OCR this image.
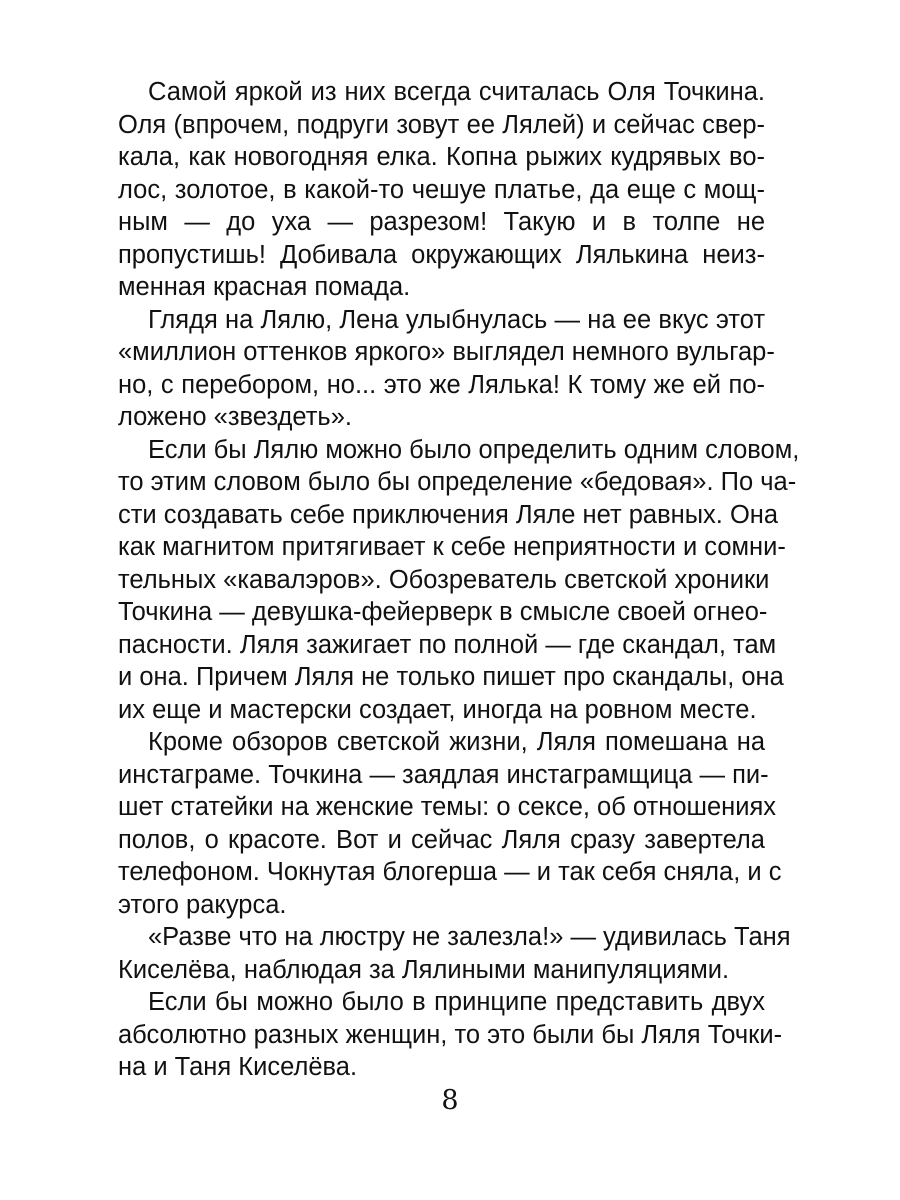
Самой яркой из них всегда считалась Оля Точкина.
Оля (впрочем, подруги зовут ее Лялей) и сейчас свер-
кала, как новогодняя елка. Копна рыжих кудрявых во-
лос, золотое, в какой-то чешуе платье, да еще с мощ-
ным — до уха — разрезом! Такую и в толпе не
пропустишь! Добивала окружающих Лялькина неиз-
менная красная помада.
Глядя на Лялю, Лена улыбнулась — на ее вкус этот
«миллион оттенков яркого» выглядел немного вульгар-
но, с перебором, но... это же Лялька! К тому же ей по-
ложено «звездеть».
Если бы Лялю можно было определить одним словом,
то этим словом было бы определение «бедовая». По ча-
сти создавать себе приключения Ляле нет равных. Она
как магнитом притягивает к себе неприятности и сомни-
тельных «кавалэров». Обозреватель светской хроники
Точкина — девушка-фейерверк в смысле своей огнео-
пасности. Ляля зажигает по полной — где скандал, там
и она. Причем Ляля не только пишет про скандалы, она
их еще и мастерски создает, иногда на ровном месте.
Кроме обзоров светской жизни, Ляля помешана на
инстаграме. Точкина — заядлая инстаграмщица — пи-
шет статейки на женские темы: о сексе, об отношениях
полов, о красоте. Вот и сейчас Ляля сразу завертела
телефоном. Чокнутая блогерша — и так себя сняла, и с
этого ракурса.
«Разве что на люстру не залезла!» — удивилась Таня
Киселёва, наблюдая за Лялиными манипуляциями.
Если бы можно было в принципе представить двух
абсолютно разных женщин, то это были бы Ляля Точки-
на и Таня Киселёва.
8
